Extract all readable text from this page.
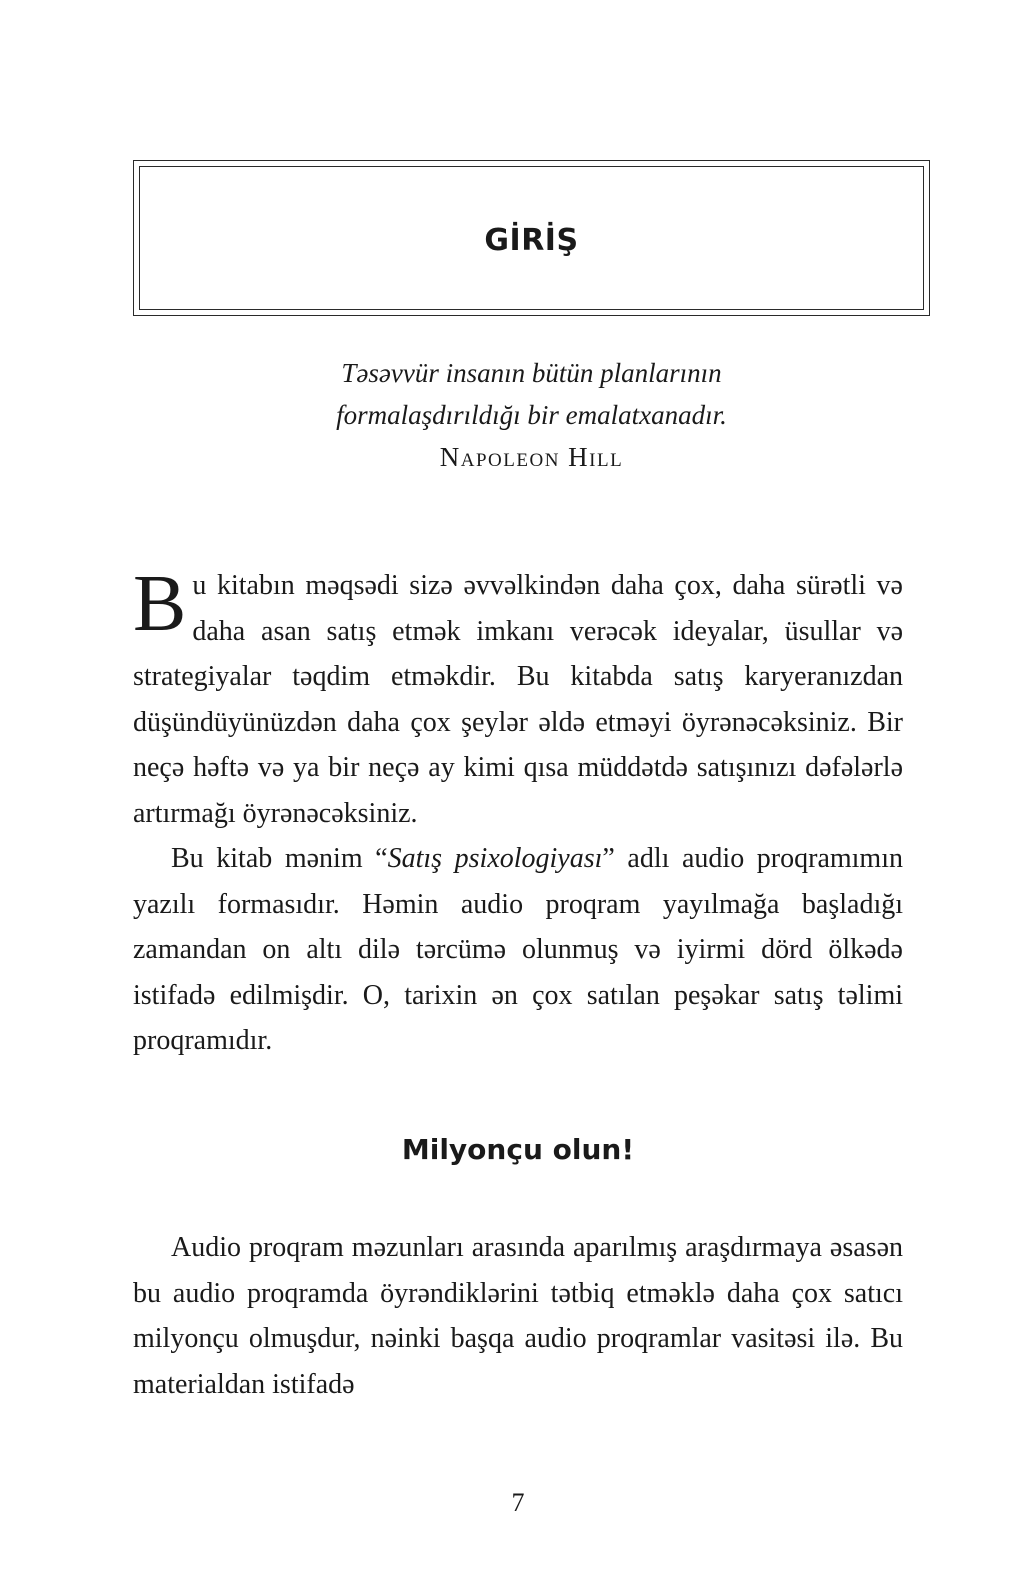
GİRİŞ
Təsəvvür insanın bütün planlarının
formalaşdırıldığı bir emalatxanadır.
Napoleon Hill

Bu kitabın məqsədi sizə əvvəlkindən daha çox, daha sürətli və daha asan satış etmək imkanı verəcək ideyalar, üsullar və strategiyalar təqdim etməkdir. Bu kitabda satış karyeranızdan düşündüyünüzdən daha çox şeylər əldə etməyi öyrənəcəksiniz. Bir neçə həftə və ya bir neçə ay kimi qısa müddətdə satışınızı dəfələrlə artırmağı öyrənəcəksiniz.

Bu kitab mənim “Satış psixologiyası” adlı audio proqramımın yazılı formasıdır. Həmin audio proqram yayılmağa başladığı zamandan on altı dilə tərcümə olunmuş və iyirmi dörd ölkədə istifadə edilmişdir. O, tarixin ən çox satılan peşəkar satış təlimi proqramıdır.

Milyonçu olun!

Audio proqram məzunları arasında aparılmış araşdırmaya əsasən bu audio proqramda öyrəndiklərini tətbiq etməklə daha çox satıcı milyonçu olmuşdur, nəinki başqa audio proqramlar vasitəsi ilə. Bu materialdan istifadə

7
